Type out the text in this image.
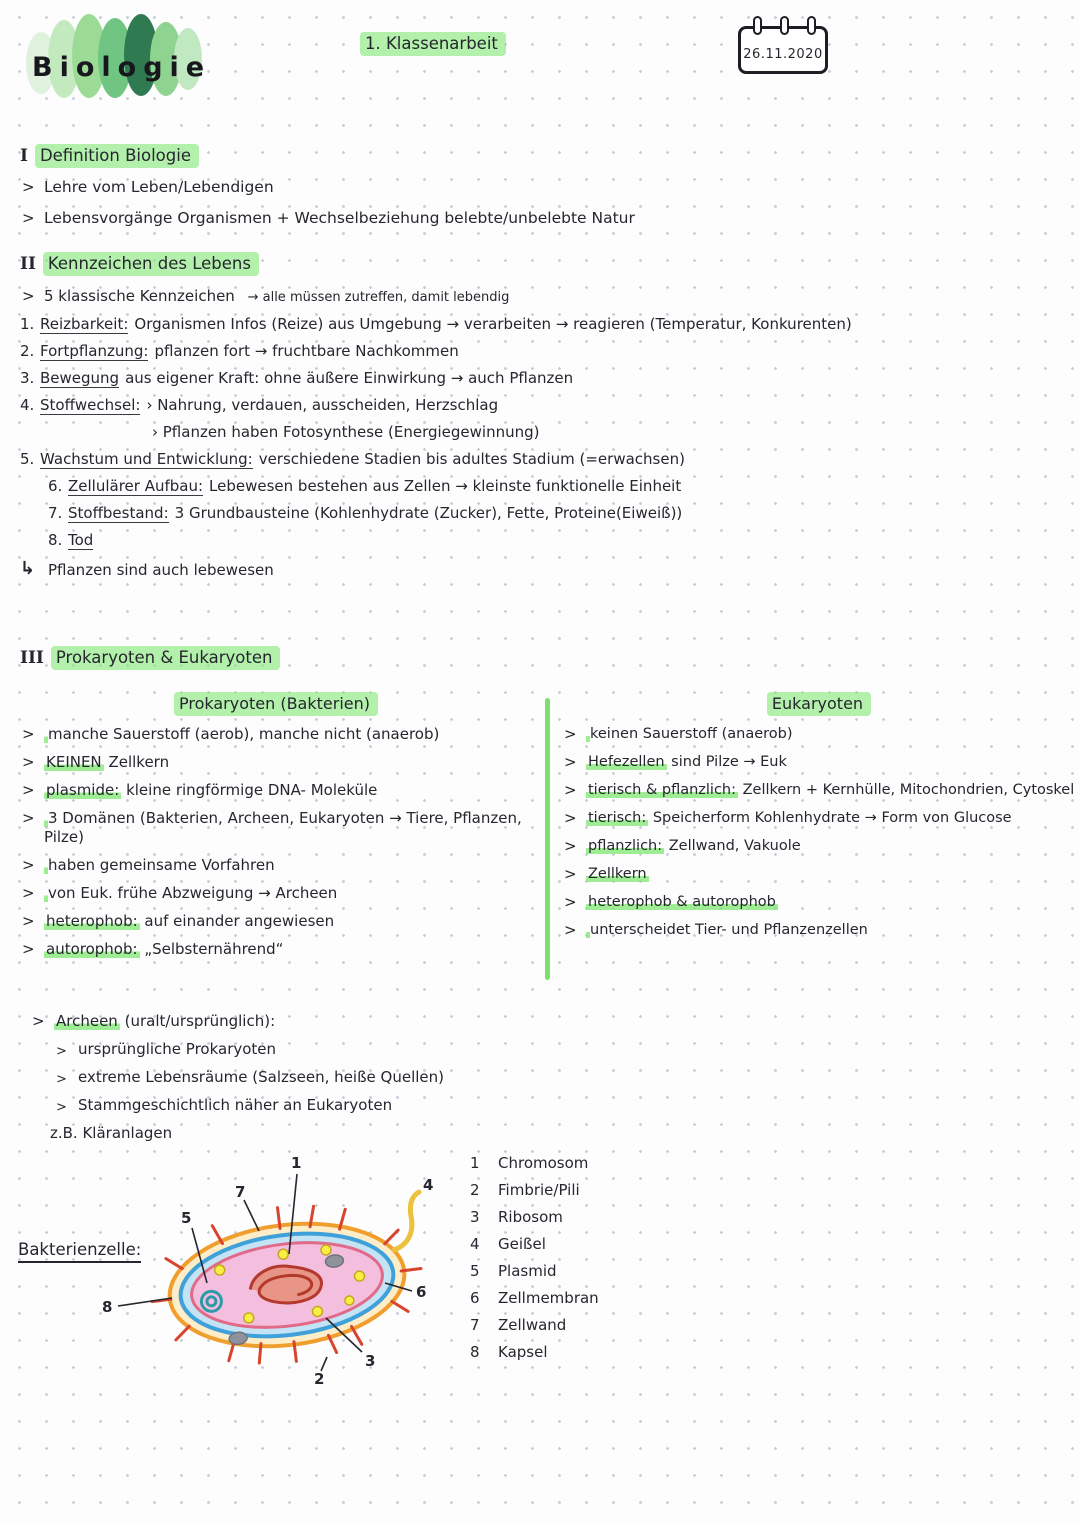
Biologie
1. Klassenarbeit
26.11.2020
I Definition Biologie
> Lehre vom Leben/Lebendigen
> Lebensvorgänge Organismen + Wechselbeziehung belebte/unbelebte Natur
II Kennzeichen des Lebens
> 5 klassische Kennzeichen → alle müssen zutreffen, damit lebendig
1. Reizbarkeit: Organismen Infos (Reize) aus Umgebung → verarbeiten → reagieren (Temperatur, Konkurenten)
2. Fortpflanzung: pflanzen fort → fruchtbare Nachkommen
3. Bewegung aus eigener Kraft: ohne äußere Einwirkung → auch Pflanzen
4. Stoffwechsel: › Nahrung, verdauen, ausscheiden, Herzschlag
› Pflanzen haben Fotosynthese (Energiegewinnung)
5. Wachstum und Entwicklung: verschiedene Stadien bis adultes Stadium (=erwachsen)
6. Zellulärer Aufbau: Lebewesen bestehen aus Zellen → kleinste funktionelle Einheit
7. Stoffbestand: 3 Grundbausteine (Kohlenhydrate (Zucker), Fette, Proteine(Eiweiß))
8. Tod
↳ Pflanzen sind auch lebewesen
III Prokaryoten & Eukaryoten
Prokaryoten (Bakterien)
> manche Sauerstoff (aerob), manche nicht (anaerob)
> KEINEN Zellkern
> plasmide: kleine ringförmige DNA- Moleküle
> 3 Domänen (Bakterien, Archeen, Eukaryoten → Tiere, Pflanzen, Pilze)
> haben gemeinsame Vorfahren
> von Euk. frühe Abzweigung → Archeen
> heterophob: auf einander angewiesen
> autorophob: „Selbsternährend“
Eukaryoten
> keinen Sauerstoff (anaerob)
> Hefezellen sind Pilze → Euk
> tierisch & pflanzlich: Zellkern + Kernhülle, Mitochondrien, Cytoskel
> tierisch: Speicherform Kohlenhydrate → Form von Glucose
> pflanzlich: Zellwand, Vakuole
> Zellkern
> heterophob & autorophob
> unterscheidet Tier- und Pflanzenzellen
> Archeen (uralt/ursprünglich):
> ursprüngliche Prokaryoten
> extreme Lebensräume (Salzseen, heiße Quellen)
> Stammgeschichtlich näher an Eukaryoten
z.B. Kläranlagen
Bakterienzelle:
1
7
5
4
8
6
3
2
1 Chromosom
2 Fimbrie/Pili
3 Ribosom
4 Geißel
5 Plasmid
6 Zellmembran
7 Zellwand
8 Kapsel
